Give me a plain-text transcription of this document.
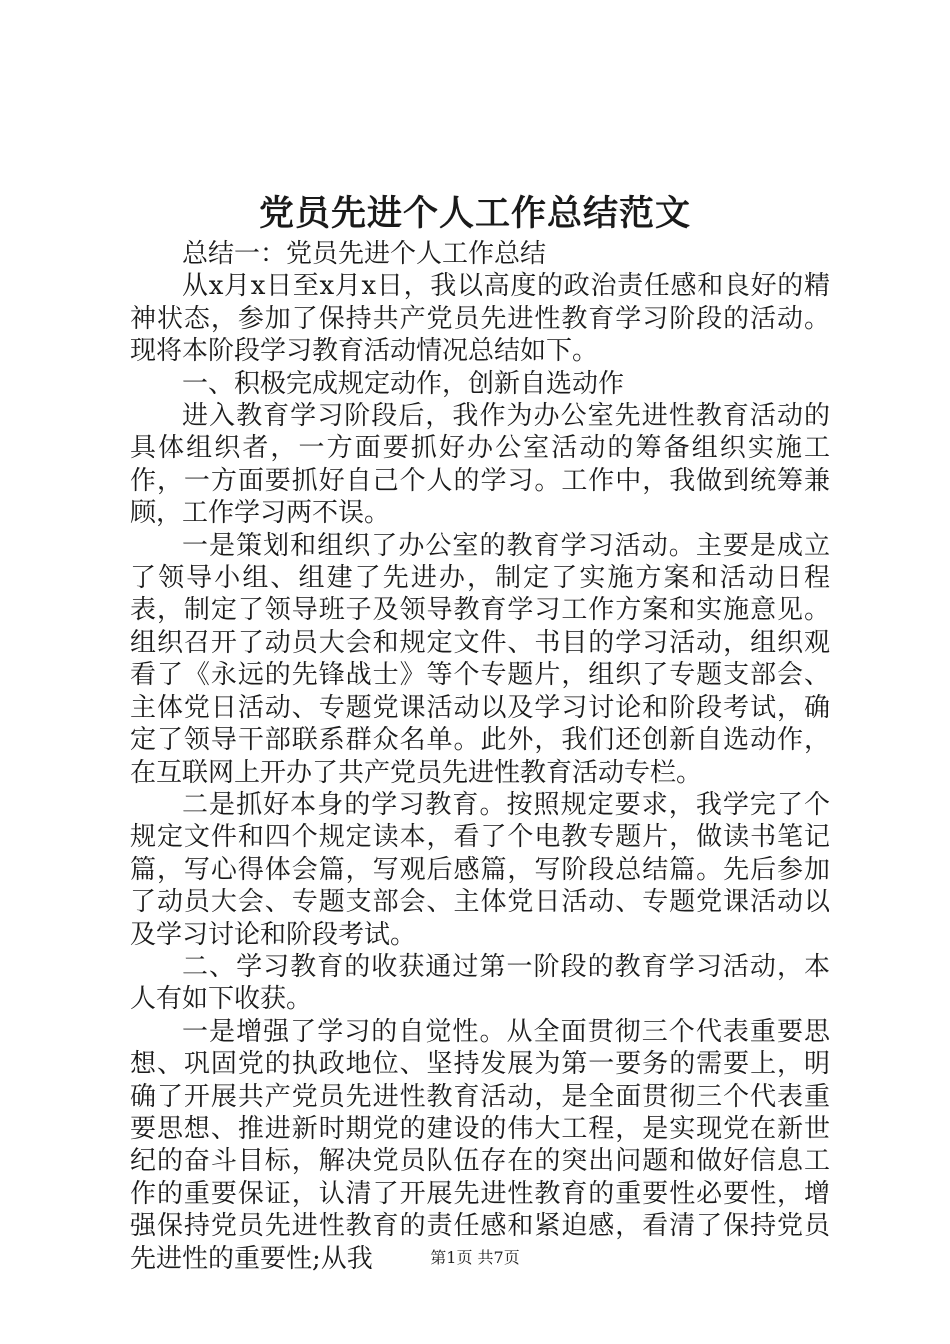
党员先进个人工作总结范文

总结一：党员先进个人工作总结

从x月x日至x月x日，我以高度的政治责任感和良好的精神状态，参加了保持共产党员先进性教育学习阶段的活动。现将本阶段学习教育活动情况总结如下。

一、积极完成规定动作，创新自选动作

进入教育学习阶段后，我作为办公室先进性教育活动的具体组织者，一方面要抓好办公室活动的筹备组织实施工作，一方面要抓好自己个人的学习。工作中，我做到统筹兼顾，工作学习两不误。

一是策划和组织了办公室的教育学习活动。主要是成立了领导小组、组建了先进办，制定了实施方案和活动日程表，制定了领导班子及领导教育学习工作方案和实施意见。组织召开了动员大会和规定文件、书目的学习活动，组织观看了《永远的先锋战士》等个专题片，组织了专题支部会、主体党日活动、专题党课活动以及学习讨论和阶段考试，确定了领导干部联系群众名单。此外，我们还创新自选动作，在互联网上开办了共产党员先进性教育活动专栏。

二是抓好本身的学习教育。按照规定要求，我学完了个规定文件和四个规定读本，看了个电教专题片，做读书笔记篇，写心得体会篇，写观后感篇，写阶段总结篇。先后参加了动员大会、专题支部会、主体党日活动、专题党课活动以及学习讨论和阶段考试。

二、学习教育的收获通过第一阶段的教育学习活动，本人有如下收获。

一是增强了学习的自觉性。从全面贯彻三个代表重要思想、巩固党的执政地位、坚持发展为第一要务的需要上，明确了开展共产党员先进性教育活动，是全面贯彻三个代表重要思想、推进新时期党的建设的伟大工程，是实现党在新世纪的奋斗目标，解决党员队伍存在的突出问题和做好信息工作的重要保证，认清了开展先进性教育的重要性必要性，增强保持党员先进性教育的责任感和紧迫感，看清了保持党员先进性的重要性;从我	第1页 共7页
